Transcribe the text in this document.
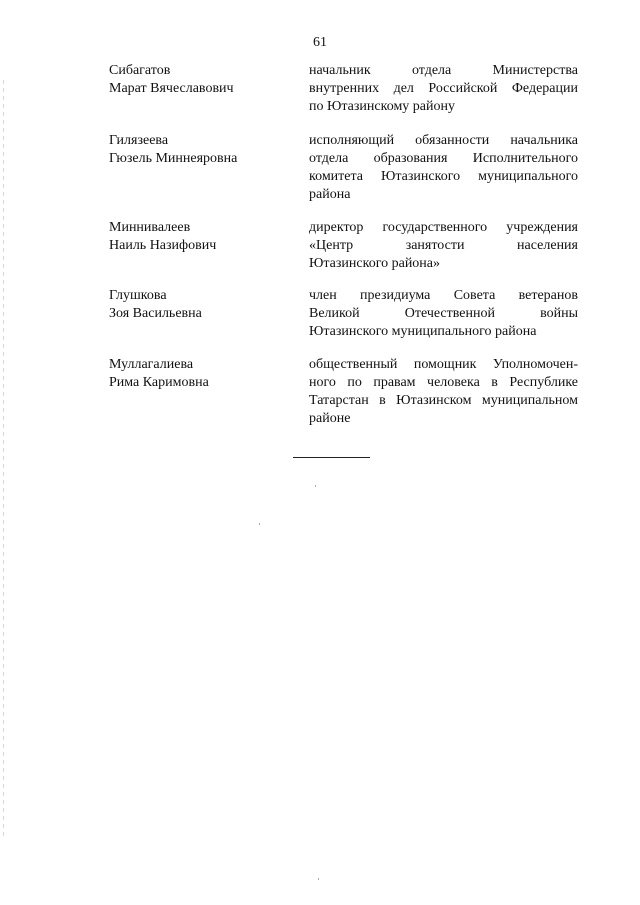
61
Сибагатов
Марат Вячеславович
начальник отдела Министерства
внутренних дел Российской Федерации
по Ютазинскому району
Гилязеева
Гюзель Миннеяровна
исполняющий обязанности начальника
отдела образования Исполнительного
комитета Ютазинского муниципального
района
Миннивалеев
Наиль Назифович
директор государственного учреждения
«Центр занятости населения
Ютазинского района»
Глушкова
Зоя Васильевна
член президиума Совета ветеранов
Великой Отечественной войны
Ютазинского муниципального района
Муллагалиева
Рима Каримовна
общественный помощник Уполномочен-
ного по правам человека в Республике
Татарстан в Ютазинском муниципальном
районе
